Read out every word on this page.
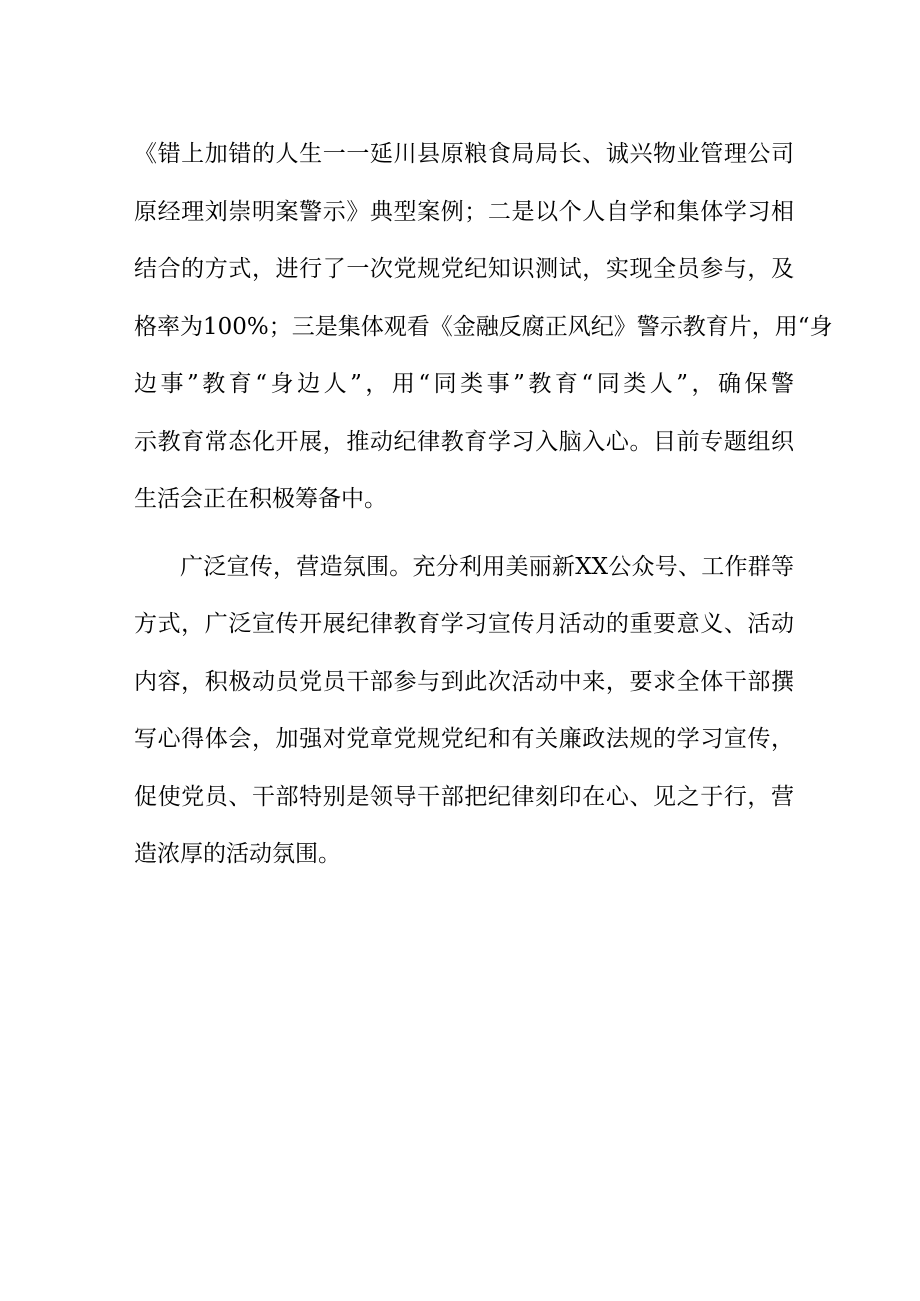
《错上加错的人生一一延川县原粮食局局长、诚兴物业管理公司
原经理刘崇明案警示》典型案例；二是以个人自学和集体学习相
结合的方式，进行了一次党规党纪知识测试，实现全员参与，及
格率为100%；三是集体观看《金融反腐正风纪》警示教育片，用“身
边事”教育“身边人”，用“同类事”教育“同类人”，确保警
示教育常态化开展，推动纪律教育学习入脑入心。目前专题组织
生活会正在积极筹备中。
广泛宣传，营造氛围。充分利用美丽新XX公众号、工作群等
方式，广泛宣传开展纪律教育学习宣传月活动的重要意义、活动
内容，积极动员党员干部参与到此次活动中来，要求全体干部撰
写心得体会，加强对党章党规党纪和有关廉政法规的学习宣传，
促使党员、干部特别是领导干部把纪律刻印在心、见之于行，营
造浓厚的活动氛围。
